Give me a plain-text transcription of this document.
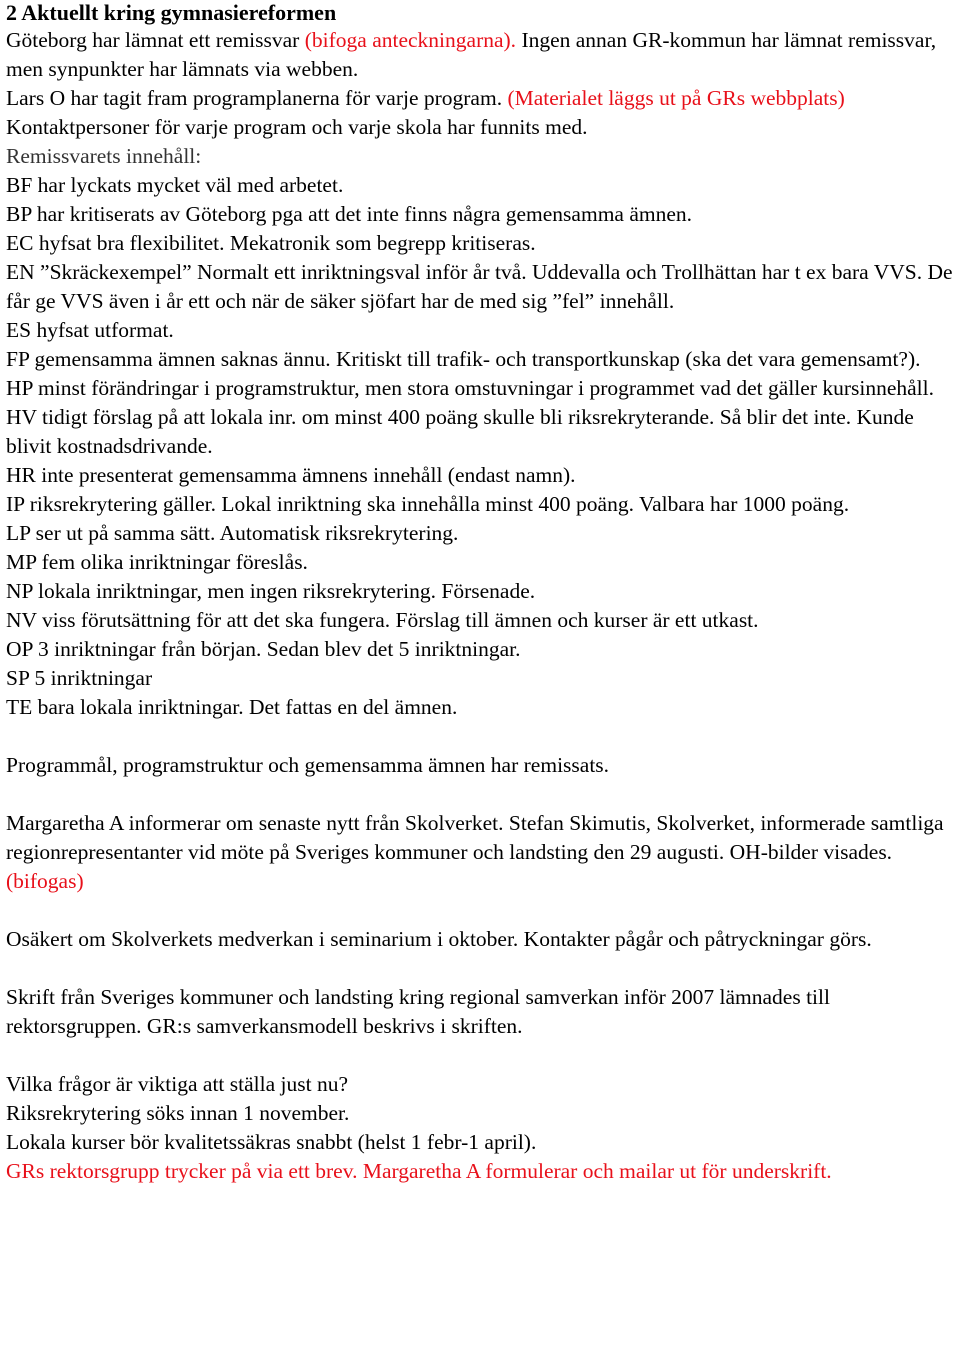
2 Aktuellt kring gymnasiereformen

Göteborg har lämnat ett remissvar (bifoga anteckningarna). Ingen annan GR-kommun har lämnat remissvar, men synpunkter har lämnats via webben.

Lars O har tagit fram programplanerna för varje program. (Materialet läggs ut på GRs webbplats) Kontaktpersoner för varje program och varje skola har funnits med.

Remissvarets innehåll:

BF har lyckats mycket väl med arbetet.

BP har kritiserats av Göteborg pga att det inte finns några gemensamma ämnen.

EC hyfsat bra flexibilitet. Mekatronik som begrepp kritiseras.

EN ”Skräckexempel” Normalt ett inriktningsval inför år två. Uddevalla och Trollhättan har t ex bara VVS. De får ge VVS även i år ett och när de säker sjöfart har de med sig ”fel” innehåll.

ES hyfsat utformat.

FP gemensamma ämnen saknas ännu. Kritiskt till trafik- och transportkunskap (ska det vara gemensamt?).

HP minst förändringar i programstruktur, men stora omstuvningar i programmet vad det gäller kursinnehåll.

HV tidigt förslag på att lokala inr. om minst 400 poäng skulle bli riksrekryterande. Så blir det inte. Kunde blivit kostnadsdrivande.

HR inte presenterat gemensamma ämnens innehåll (endast namn).

IP riksrekrytering gäller. Lokal inriktning ska innehålla minst 400 poäng. Valbara har 1000 poäng.

LP ser ut på samma sätt. Automatisk riksrekrytering.

MP fem olika inriktningar föreslås.

NP lokala inriktningar, men ingen riksrekrytering. Försenade.

NV viss förutsättning för att det ska fungera. Förslag till ämnen och kurser är ett utkast.

OP 3 inriktningar från början. Sedan blev det 5 inriktningar.

SP 5 inriktningar

TE bara lokala inriktningar. Det fattas en del ämnen.

Programmål, programstruktur och gemensamma ämnen har remissats.

Margaretha A informerar om senaste nytt från Skolverket. Stefan Skimutis, Skolverket, informerade samtliga regionrepresentanter vid möte på Sveriges kommuner och landsting den 29 augusti. OH-bilder visades. (bifogas)

Osäkert om Skolverkets medverkan i seminarium i oktober. Kontakter pågår och påtryckningar görs.

Skrift från Sveriges kommuner och landsting kring regional samverkan inför 2007 lämnades till rektorsgruppen. GR:s samverkansmodell beskrivs i skriften.

Vilka frågor är viktiga att ställa just nu?

Riksrekrytering söks innan 1 november.

Lokala kurser bör kvalitetssäkras snabbt (helst 1 febr-1 april).

GRs rektorsgrupp trycker på via ett brev. Margaretha A formulerar och mailar ut för underskrift.
